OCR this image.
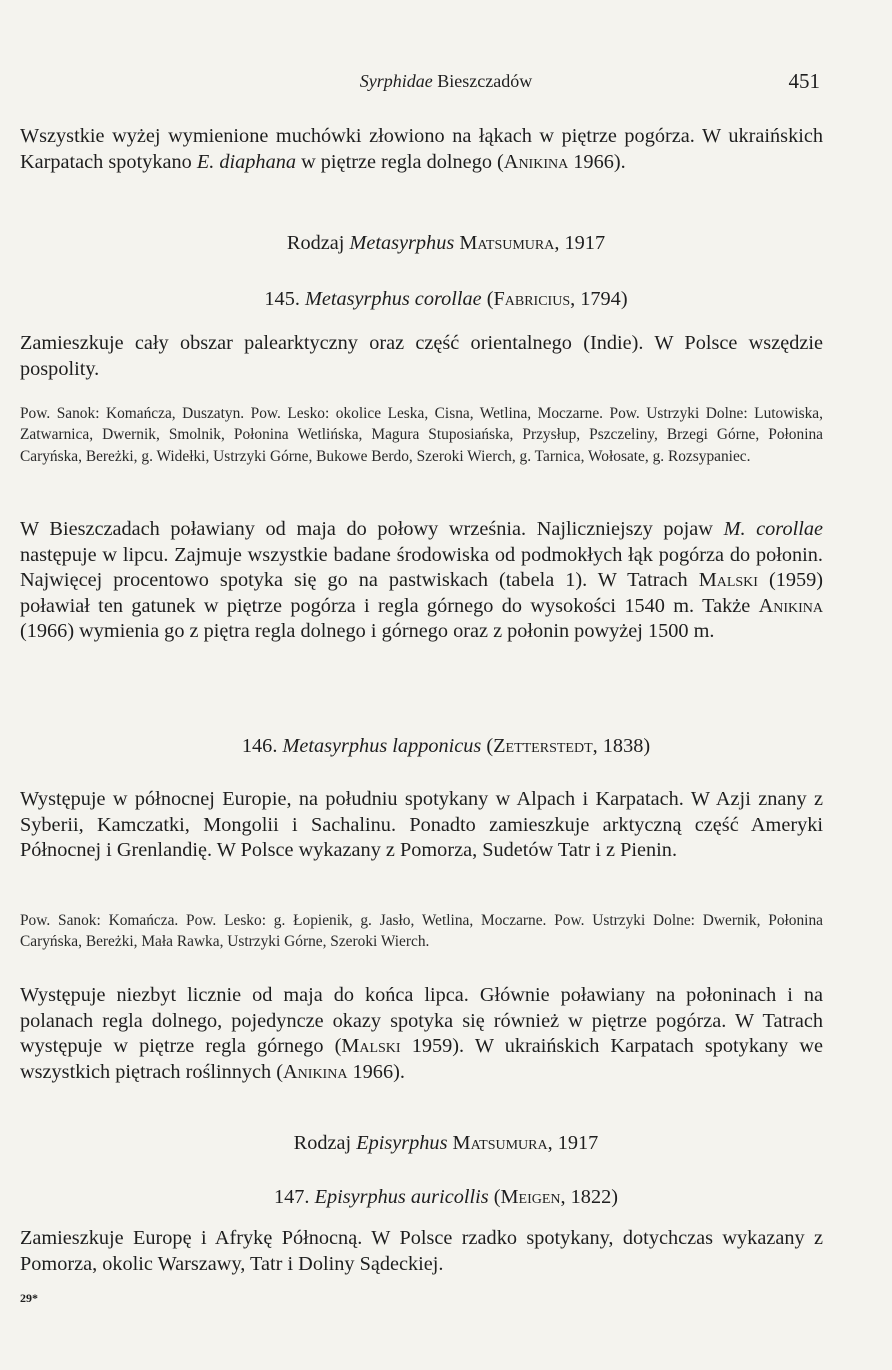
Syrphidae Bieszczadów	451

Wszystkie wyżej wymienione muchówki złowiono na łąkach w piętrze pogórza. W ukraińskich Karpatach spotykano E. diaphana w piętrze regla dolnego (Anikina 1966).

Rodzaj Metasyrphus Matsumura, 1917
145. Metasyrphus corollae (Fabricius, 1794)

Zamieszkuje cały obszar palearktyczny oraz część orientalnego (Indie). W Polsce wszędzie pospolity.

Pow. Sanok: Komańcza, Duszatyn. Pow. Lesko: okolice Leska, Cisna, Wetlina, Moczarne. Pow. Ustrzyki Dolne: Lutowiska, Zatwarnica, Dwernik, Smolnik, Połonina Wetlińska, Magura Stuposiańska, Przysłup, Pszczeliny, Brzegi Górne, Połonina Caryńska, Bereżki, g. Widełki, Ustrzyki Górne, Bukowe Berdo, Szeroki Wierch, g. Tarnica, Wołosate, g. Rozsypaniec.

W Bieszczadach poławiany od maja do połowy września. Najliczniejszy pojaw M. corollae następuje w lipcu. Zajmuje wszystkie badane środowiska od podmokłych łąk pogórza do połonin. Najwięcej procentowo spotyka się go na pastwiskach (tabela 1). W Tatrach Malski (1959) poławiał ten gatunek w piętrze pogórza i regla górnego do wysokości 1540 m. Także Anikina (1966) wymienia go z piętra regla dolnego i górnego oraz z połonin powyżej 1500 m.

146. Metasyrphus lapponicus (Zetterstedt, 1838)

Występuje w północnej Europie, na południu spotykany w Alpach i Karpatach. W Azji znany z Syberii, Kamczatki, Mongolii i Sachalinu. Ponadto zamieszkuje arktyczną część Ameryki Północnej i Grenlandię. W Polsce wykazany z Pomorza, Sudetów Tatr i z Pienin.

Pow. Sanok: Komańcza. Pow. Lesko: g. Łopienik, g. Jasło, Wetlina, Moczarne. Pow. Ustrzyki Dolne: Dwernik, Połonina Caryńska, Bereżki, Mała Rawka, Ustrzyki Górne, Szeroki Wierch.

Występuje niezbyt licznie od maja do końca lipca. Głównie poławiany na połoninach i na polanach regla dolnego, pojedyncze okazy spotyka się również w piętrze pogórza. W Tatrach występuje w piętrze regla górnego (Malski 1959). W ukraińskich Karpatach spotykany we wszystkich piętrach roślinnych (Anikina 1966).

Rodzaj Episyrphus Matsumura, 1917
147. Episyrphus auricollis (Meigen, 1822)

Zamieszkuje Europę i Afrykę Północną. W Polsce rzadko spotykany, dotychczas wykazany z Pomorza, okolic Warszawy, Tatr i Doliny Sądeckiej.

29*
